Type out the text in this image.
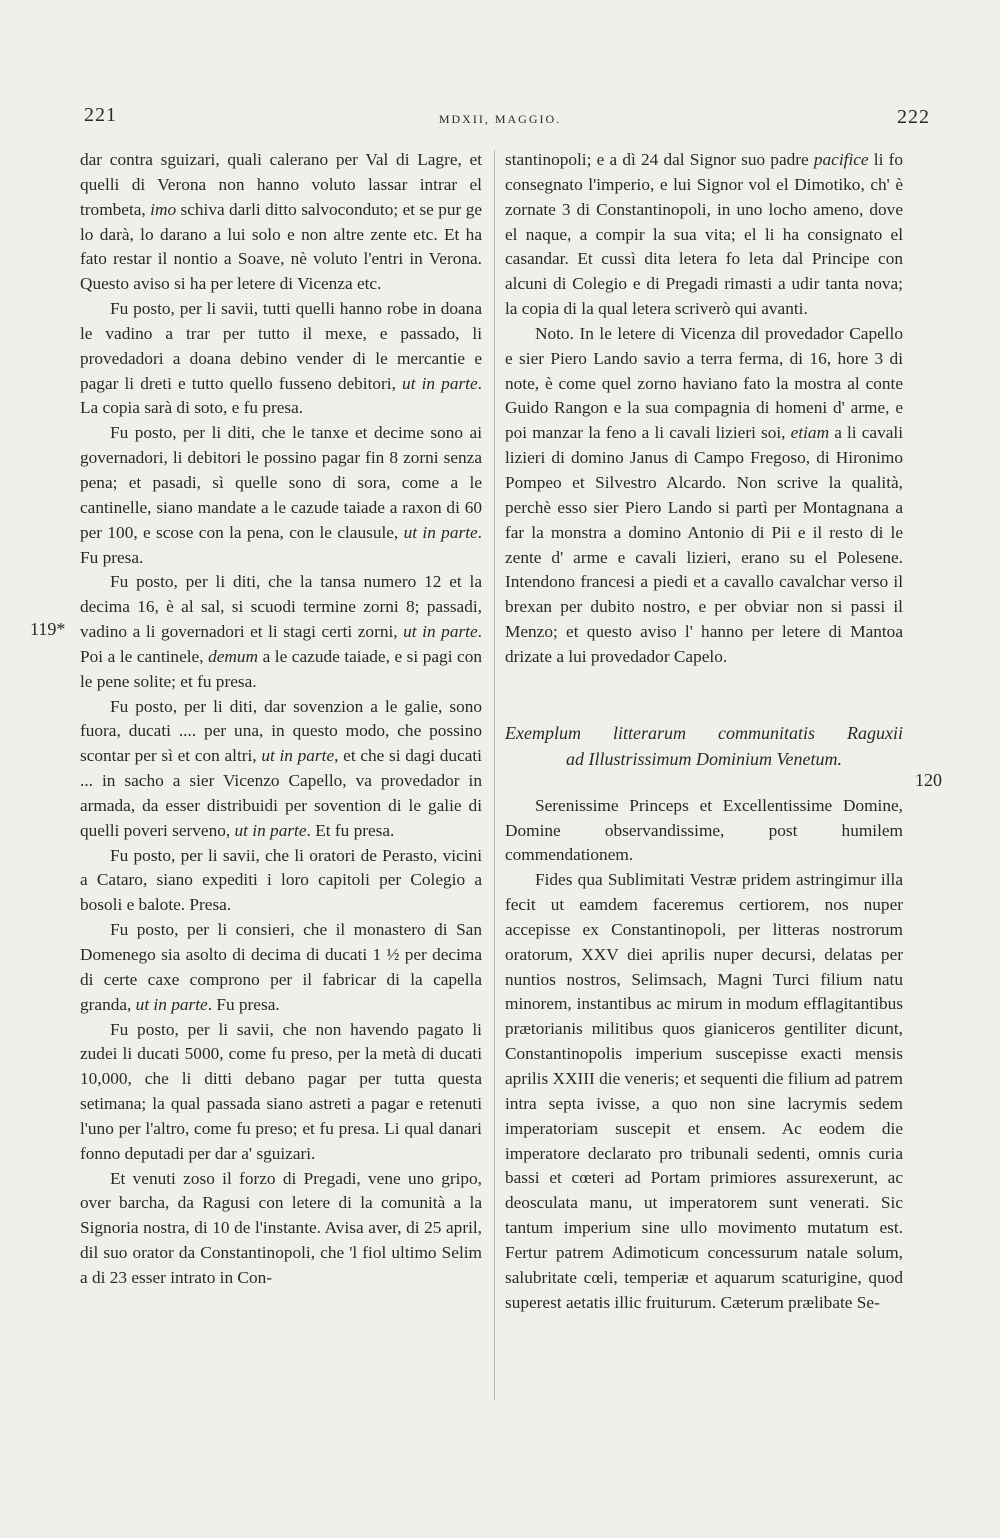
221	MDXII, MAGGIO.	222
119*
120

dar contra sguizari, quali calerano per Val di Lagre, et quelli di Verona non hanno voluto lassar intrar el trombeta, imo schiva darli ditto salvoconduto; et se pur ge lo darà, lo darano a lui solo e non altre zente etc. Et ha fato restar il nontio a Soave, nè voluto l'entri in Verona. Questo aviso si ha per letere di Vicenza etc.

Fu posto, per li savii, tutti quelli hanno robe in doana le vadino a trar per tutto il mexe, e passado, li provedadori a doana debino vender di le mercantie e pagar li dreti e tutto quello fusseno debitori, ut in parte. La copia sarà di soto, e fu presa.

Fu posto, per li diti, che le tanxe et decime sono ai governadori, li debitori le possino pagar fin 8 zorni senza pena; et pasadi, sì quelle sono di sora, come a le cantinelle, siano mandate a le cazude taiade a raxon di 60 per 100, e scose con la pena, con le clausule, ut in parte. Fu presa.

Fu posto, per li diti, che la tansa numero 12 et la decima 16, è al sal, si scuodi termine zorni 8; passadi, vadino a li governadori et li stagi certi zorni, ut in parte. Poi a le cantinele, demum a le cazude taiade, e si pagi con le pene solite; et fu presa.

Fu posto, per li diti, dar sovenzion a le galie, sono fuora, ducati .... per una, in questo modo, che possino scontar per sì et con altri, ut in parte, et che si dagi ducati ... in sacho a sier Vicenzo Capello, va provedador in armada, da esser distribuidi per sovention di le galie di quelli poveri serveno, ut in parte. Et fu presa.

Fu posto, per li savii, che li oratori de Perasto, vicini a Cataro, siano expediti i loro capitoli per Colegio a bosoli e balote. Presa.

Fu posto, per li consieri, che il monastero di San Domenego sia asolto di decima di ducati 1 ½ per decima di certe caxe comprono per il fabricar di la capella granda, ut in parte. Fu presa.

Fu posto, per li savii, che non havendo pagato li zudei li ducati 5000, come fu preso, per la metà di ducati 10,000, che li ditti debano pagar per tutta questa setimana; la qual passada siano astreti a pagar e retenuti l'uno per l'altro, come fu preso; et fu presa. Li qual danari fonno deputadi per dar a' sguizari.

Et venuti zoso il forzo di Pregadi, vene uno gripo, over barcha, da Ragusi con letere di la comunità a la Signoria nostra, di 10 de l'instante. Avisa aver, di 25 april, dil suo orator da Constantinopoli, che 'l fiol ultimo Selim a di 23 esser intrato in Con-

stantinopoli; e a dì 24 dal Signor suo padre pacifice li fo consegnato l'imperio, e lui Signor vol el Dimotiko, ch' è zornate 3 di Constantinopoli, in uno locho ameno, dove el naque, a compir la sua vita; el li ha consignato el casandar. Et cussì dita letera fo leta dal Principe con alcuni di Colegio e di Pregadi rimasti a udir tanta nova; la copia di la qual letera scriverò qui avanti.

Noto. In le letere di Vicenza dil provedador Capello e sier Piero Lando savio a terra ferma, di 16, hore 3 di note, è come quel zorno haviano fato la mostra al conte Guido Rangon e la sua compagnia di homeni d' arme, e poi manzar la feno a li cavali lizieri soi, etiam a li cavali lizieri di domino Janus di Campo Fregoso, di Hironimo Pompeo et Silvestro Alcardo. Non scrive la qualità, perchè esso sier Piero Lando si partì per Montagnana a far la monstra a domino Antonio di Pii e il resto di le zente d' arme e cavali lizieri, erano su el Polesene. Intendono francesi a piedi et a cavallo cavalchar verso il brexan per dubito nostro, e per obviar non si passi il Menzo; et questo aviso l' hanno per letere di Mantoa drizate a lui provedador Capelo.

Exemplum litterarum communitatis Raguxii

ad Illustrissimum Dominium Venetum.

Serenissime Princeps et Excellentissime Domine, Domine observandissime, post humilem commendationem.

Fides qua Sublimitati Vestræ pridem astringimur illa fecit ut eamdem faceremus certiorem, nos nuper accepisse ex Constantinopoli, per litteras nostrorum oratorum, XXV diei aprilis nuper decursi, delatas per nuntios nostros, Selimsach, Magni Turci filium natu minorem, instantibus ac mirum in modum efflagitantibus prætorianis militibus quos gianiceros gentiliter dicunt, Constantinopolis imperium suscepisse exacti mensis aprilis XXIII die veneris; et sequenti die filium ad patrem intra septa ivisse, a quo non sine lacrymis sedem imperatoriam suscepit et ensem. Ac eodem die imperatore declarato pro tribunali sedenti, omnis curia bassi et cœteri ad Portam primiores assurexerunt, ac deosculata manu, ut imperatorem sunt venerati. Sic tantum imperium sine ullo movimento mutatum est. Fertur patrem Adimoticum concessurum natale solum, salubritate cœli, temperiæ et aquarum scaturigine, quod superest aetatis illic fruiturum. Cæterum prælibate Se-
